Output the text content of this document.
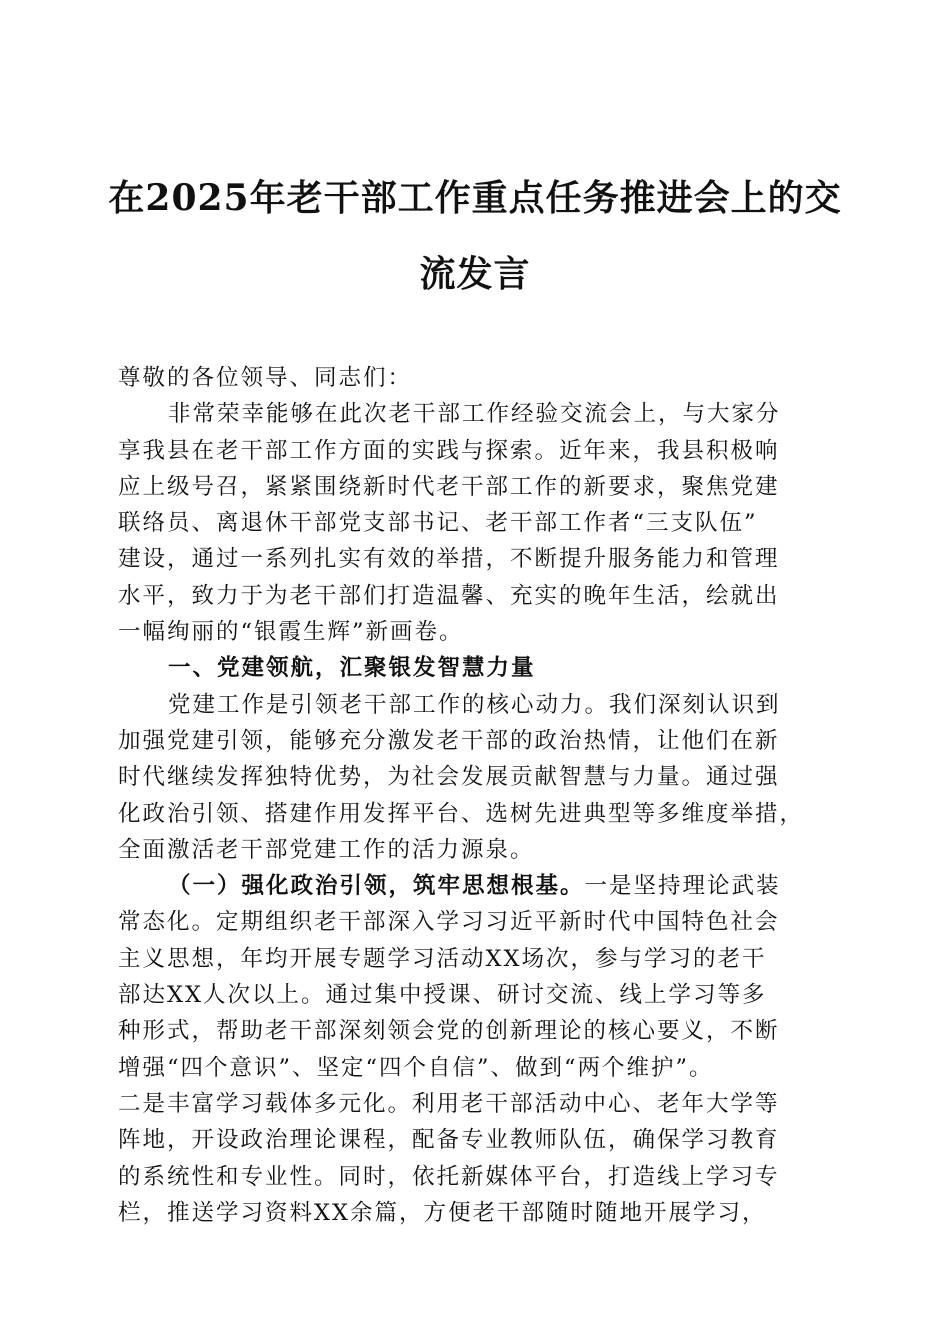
在2025年老干部工作重点任务推进会上的交
流发言
尊敬的各位领导、同志们：
非常荣幸能够在此次老干部工作经验交流会上，与大家分
享我县在老干部工作方面的实践与探索。近年来，我县积极响
应上级号召，紧紧围绕新时代老干部工作的新要求，聚焦党建
联络员、离退休干部党支部书记、老干部工作者“三支队伍”
建设，通过一系列扎实有效的举措，不断提升服务能力和管理
水平，致力于为老干部们打造温馨、充实的晚年生活，绘就出
一幅绚丽的“银霞生辉”新画卷。
一、党建领航，汇聚银发智慧力量
党建工作是引领老干部工作的核心动力。我们深刻认识到
加强党建引领，能够充分激发老干部的政治热情，让他们在新
时代继续发挥独特优势，为社会发展贡献智慧与力量。通过强
化政治引领、搭建作用发挥平台、选树先进典型等多维度举措，
全面激活老干部党建工作的活力源泉。
（一）强化政治引领，筑牢思想根基。一是坚持理论武装
常态化。定期组织老干部深入学习习近平新时代中国特色社会
主义思想，年均开展专题学习活动XX场次，参与学习的老干
部达XX人次以上。通过集中授课、研讨交流、线上学习等多
种形式，帮助老干部深刻领会党的创新理论的核心要义，不断
增强“四个意识”、坚定“四个自信”、做到“两个维护”。
二是丰富学习载体多元化。利用老干部活动中心、老年大学等
阵地，开设政治理论课程，配备专业教师队伍，确保学习教育
的系统性和专业性。同时，依托新媒体平台，打造线上学习专
栏，推送学习资料XX余篇，方便老干部随时随地开展学习，
